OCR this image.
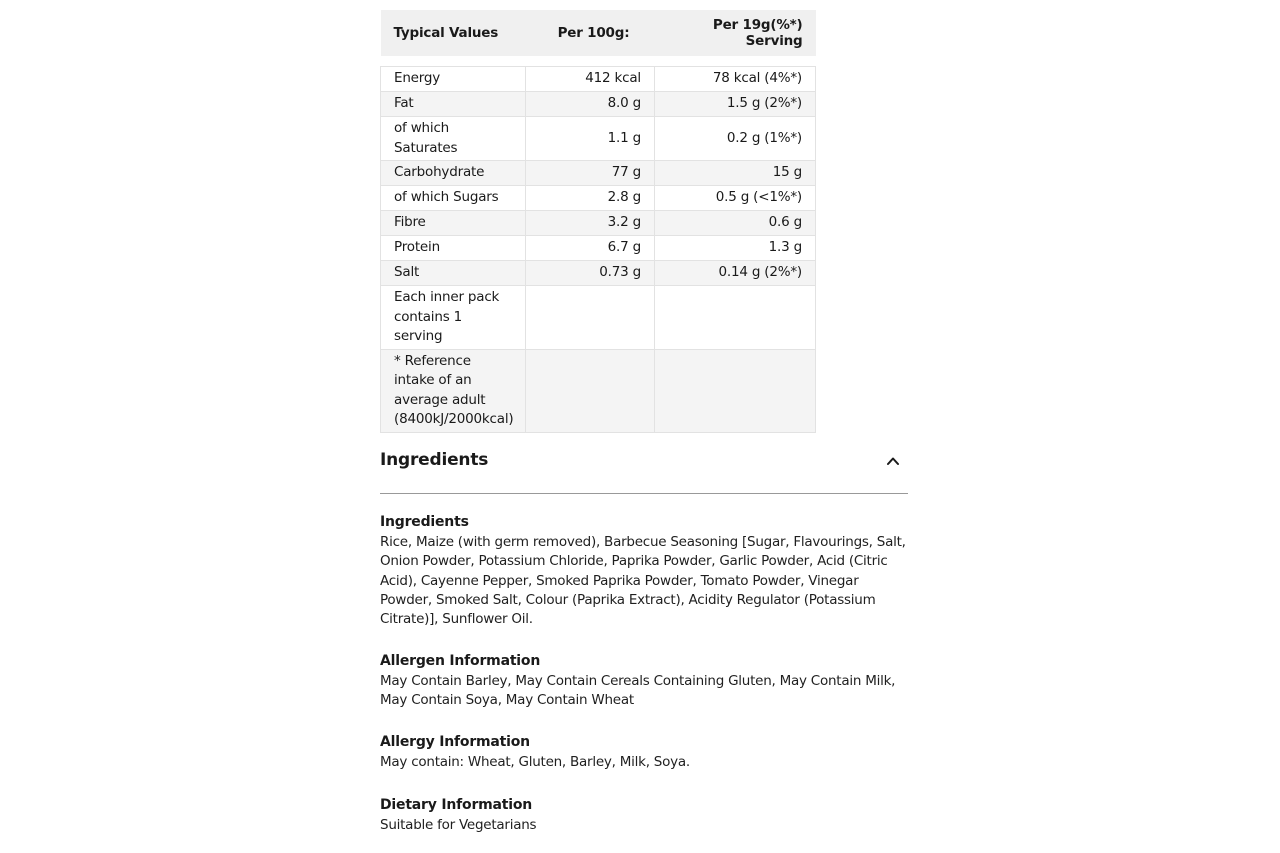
Typical Values	Per 100g:	Per 19g(%*) Serving

Energy	412 kcal	78 kcal (4%*)
Fat	8.0 g	1.5 g (2%*)
of which Saturates	1.1 g	0.2 g (1%*)
Carbohydrate	77 g	15 g
of which Sugars	2.8 g	0.5 g (<1%*)
Fibre	3.2 g	0.6 g
Protein	6.7 g	1.3 g
Salt	0.73 g	0.14 g (2%*)
Each inner pack contains 1 serving		
* Reference intake of an average adult (8400kJ/2000kcal)		
Ingredients
Ingredients

Rice, Maize (with germ removed), Barbecue Seasoning [Sugar, Flavourings, Salt, Onion Powder, Potassium Chloride, Paprika Powder, Garlic Powder, Acid (Citric Acid), Cayenne Pepper, Smoked Paprika Powder, Tomato Powder, Vinegar Powder, Smoked Salt, Colour (Paprika Extract), Acidity Regulator (Potassium Citrate)], Sunflower Oil.

Allergen Information

May Contain Barley, May Contain Cereals Containing Gluten, May Contain Milk, May Contain Soya, May Contain Wheat

Allergy Information

May contain: Wheat, Gluten, Barley, Milk, Soya.

Dietary Information

Suitable for Vegetarians
